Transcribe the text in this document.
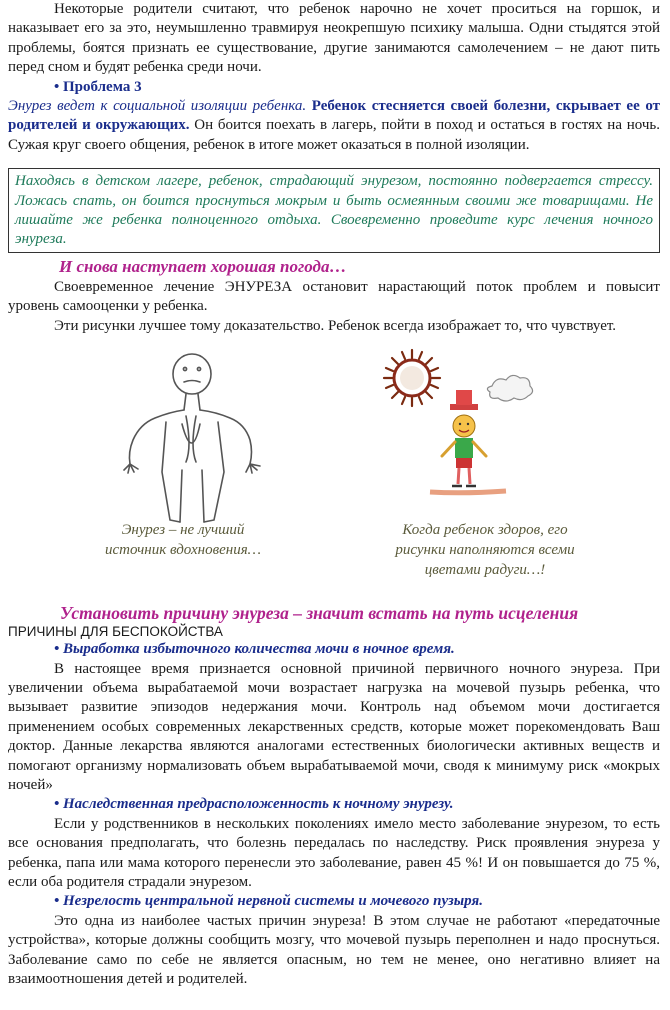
Некоторые родители считают, что ребенок нарочно не хочет проситься на горшок, и наказывает его за это, неумышленно травмируя неокрепшую психику малыша. Одни стыдятся этой проблемы, боятся признать ее существование, другие занимаются самолечением – не дают пить перед сном и будят ребенка среди ночи.

• Проблема 3

Энурез ведет к социальной изоляции ребенка. Ребенок стесняется своей болезни, скрывает ее от родителей и окружающих. Он боится поехать в лагерь, пойти в поход и остаться в гостях на ночь. Сужая круг своего общения, ребенок в итоге может оказаться в полной изоляции.

Находясь в детском лагере, ребенок, страдающий энурезом, постоянно подвергается стрессу. Ложась спать, он боится проснуться мокрым и быть осмеянным своими же товарищами. Не лишайте же ребенка полноценного отдыха. Своевременно проведите курс лечения ночного энуреза.
И снова наступает хорошая погода…

Своевременное лечение ЭНУРЕЗА остановит нарастающий поток проблем и повысит уровень самооценки у ребенка.

Эти рисунки лучшее тому доказательство. Ребенок всегда изображает то, что чувствует.

Энурез – не лучший
источник вдохновения…
Когда ребенок здоров, его
рисунки наполняются всеми
цветами радуги…!
Установить причину энуреза – значит встать на путь исцеления
ПРИЧИНЫ ДЛЯ БЕСПОКОЙСТВА

• Выработка избыточного количества мочи в ночное время.

В настоящее время признается основной причиной первичного ночного энуреза. При увеличении объема вырабатаемой мочи возрастает нагрузка на мочевой пузырь ребенка, что вызывает развитие эпизодов недержания мочи. Контроль над объемом мочи достигается применением особых современных лекарственных средств, которые может порекомендовать Ваш доктор. Данные лекарства являются аналогами естественных биологически активных веществ и помогают организму нормализовать объем вырабатываемой мочи, сводя к минимуму риск «мокрых ночей»

• Наследственная предрасположенность к ночному энурезу.

Если у родственников в нескольких поколениях имело место заболевание энурезом, то есть все основания предполагать, что болезнь передалась по наследству. Риск проявления энуреза у ребенка, папа или мама которого перенесли это заболевание, равен 45 %! И он повышается до 75 %, если оба родителя страдали энурезом.

• Незрелость центральной нервной системы и мочевого пузыря.

Это одна из наиболее частых причин энуреза! В этом случае не работают «передаточные устройства», которые должны сообщить мозгу, что мочевой пузырь переполнен и надо проснуться. Заболевание само по себе не является опасным, но тем не менее, оно негативно влияет на взаимоотношения детей и родителей.
